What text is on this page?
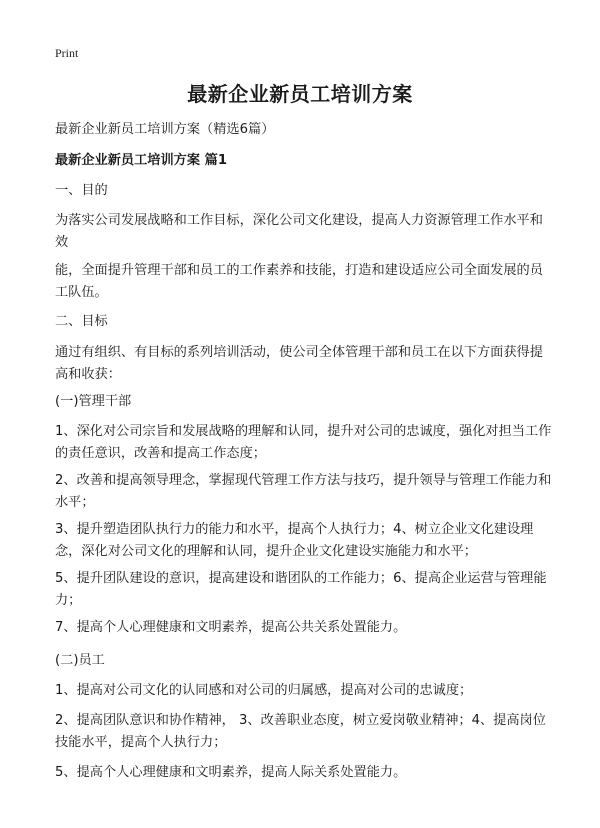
Print
最新企业新员工培训方案
最新企业新员工培训方案（精选6篇）
最新企业新员工培训方案 篇1
一、目的
为落实公司发展战略和工作目标，深化公司文化建设，提高人力资源管理工作水平和效
能，全面提升管理干部和员工的工作素养和技能，打造和建设适应公司全面发展的员工队伍。
二、目标
通过有组织、有目标的系列培训活动，使公司全体管理干部和员工在以下方面获得提高和收获：
(一)管理干部
1、深化对公司宗旨和发展战略的理解和认同，提升对公司的忠诚度，强化对担当工作的责任意识，改善和提高工作态度；
2、改善和提高领导理念，掌握现代管理工作方法与技巧，提升领导与管理工作能力和水平；
3、提升塑造团队执行力的能力和水平，提高个人执行力；4、树立企业文化建设理念，深化对公司文化的理解和认同，提升企业文化建设实施能力和水平；
5、提升团队建设的意识，提高建设和谐团队的工作能力；6、提高企业运营与管理能力；
7、提高个人心理健康和文明素养，提高公共关系处置能力。
(二)员工
1、提高对公司文化的认同感和对公司的归属感，提高对公司的忠诚度；
2、提高团队意识和协作精神， 3、改善职业态度，树立爱岗敬业精神；4、提高岗位技能水平，提高个人执行力；
5、提高个人心理健康和文明素养，提高人际关系处置能力。
